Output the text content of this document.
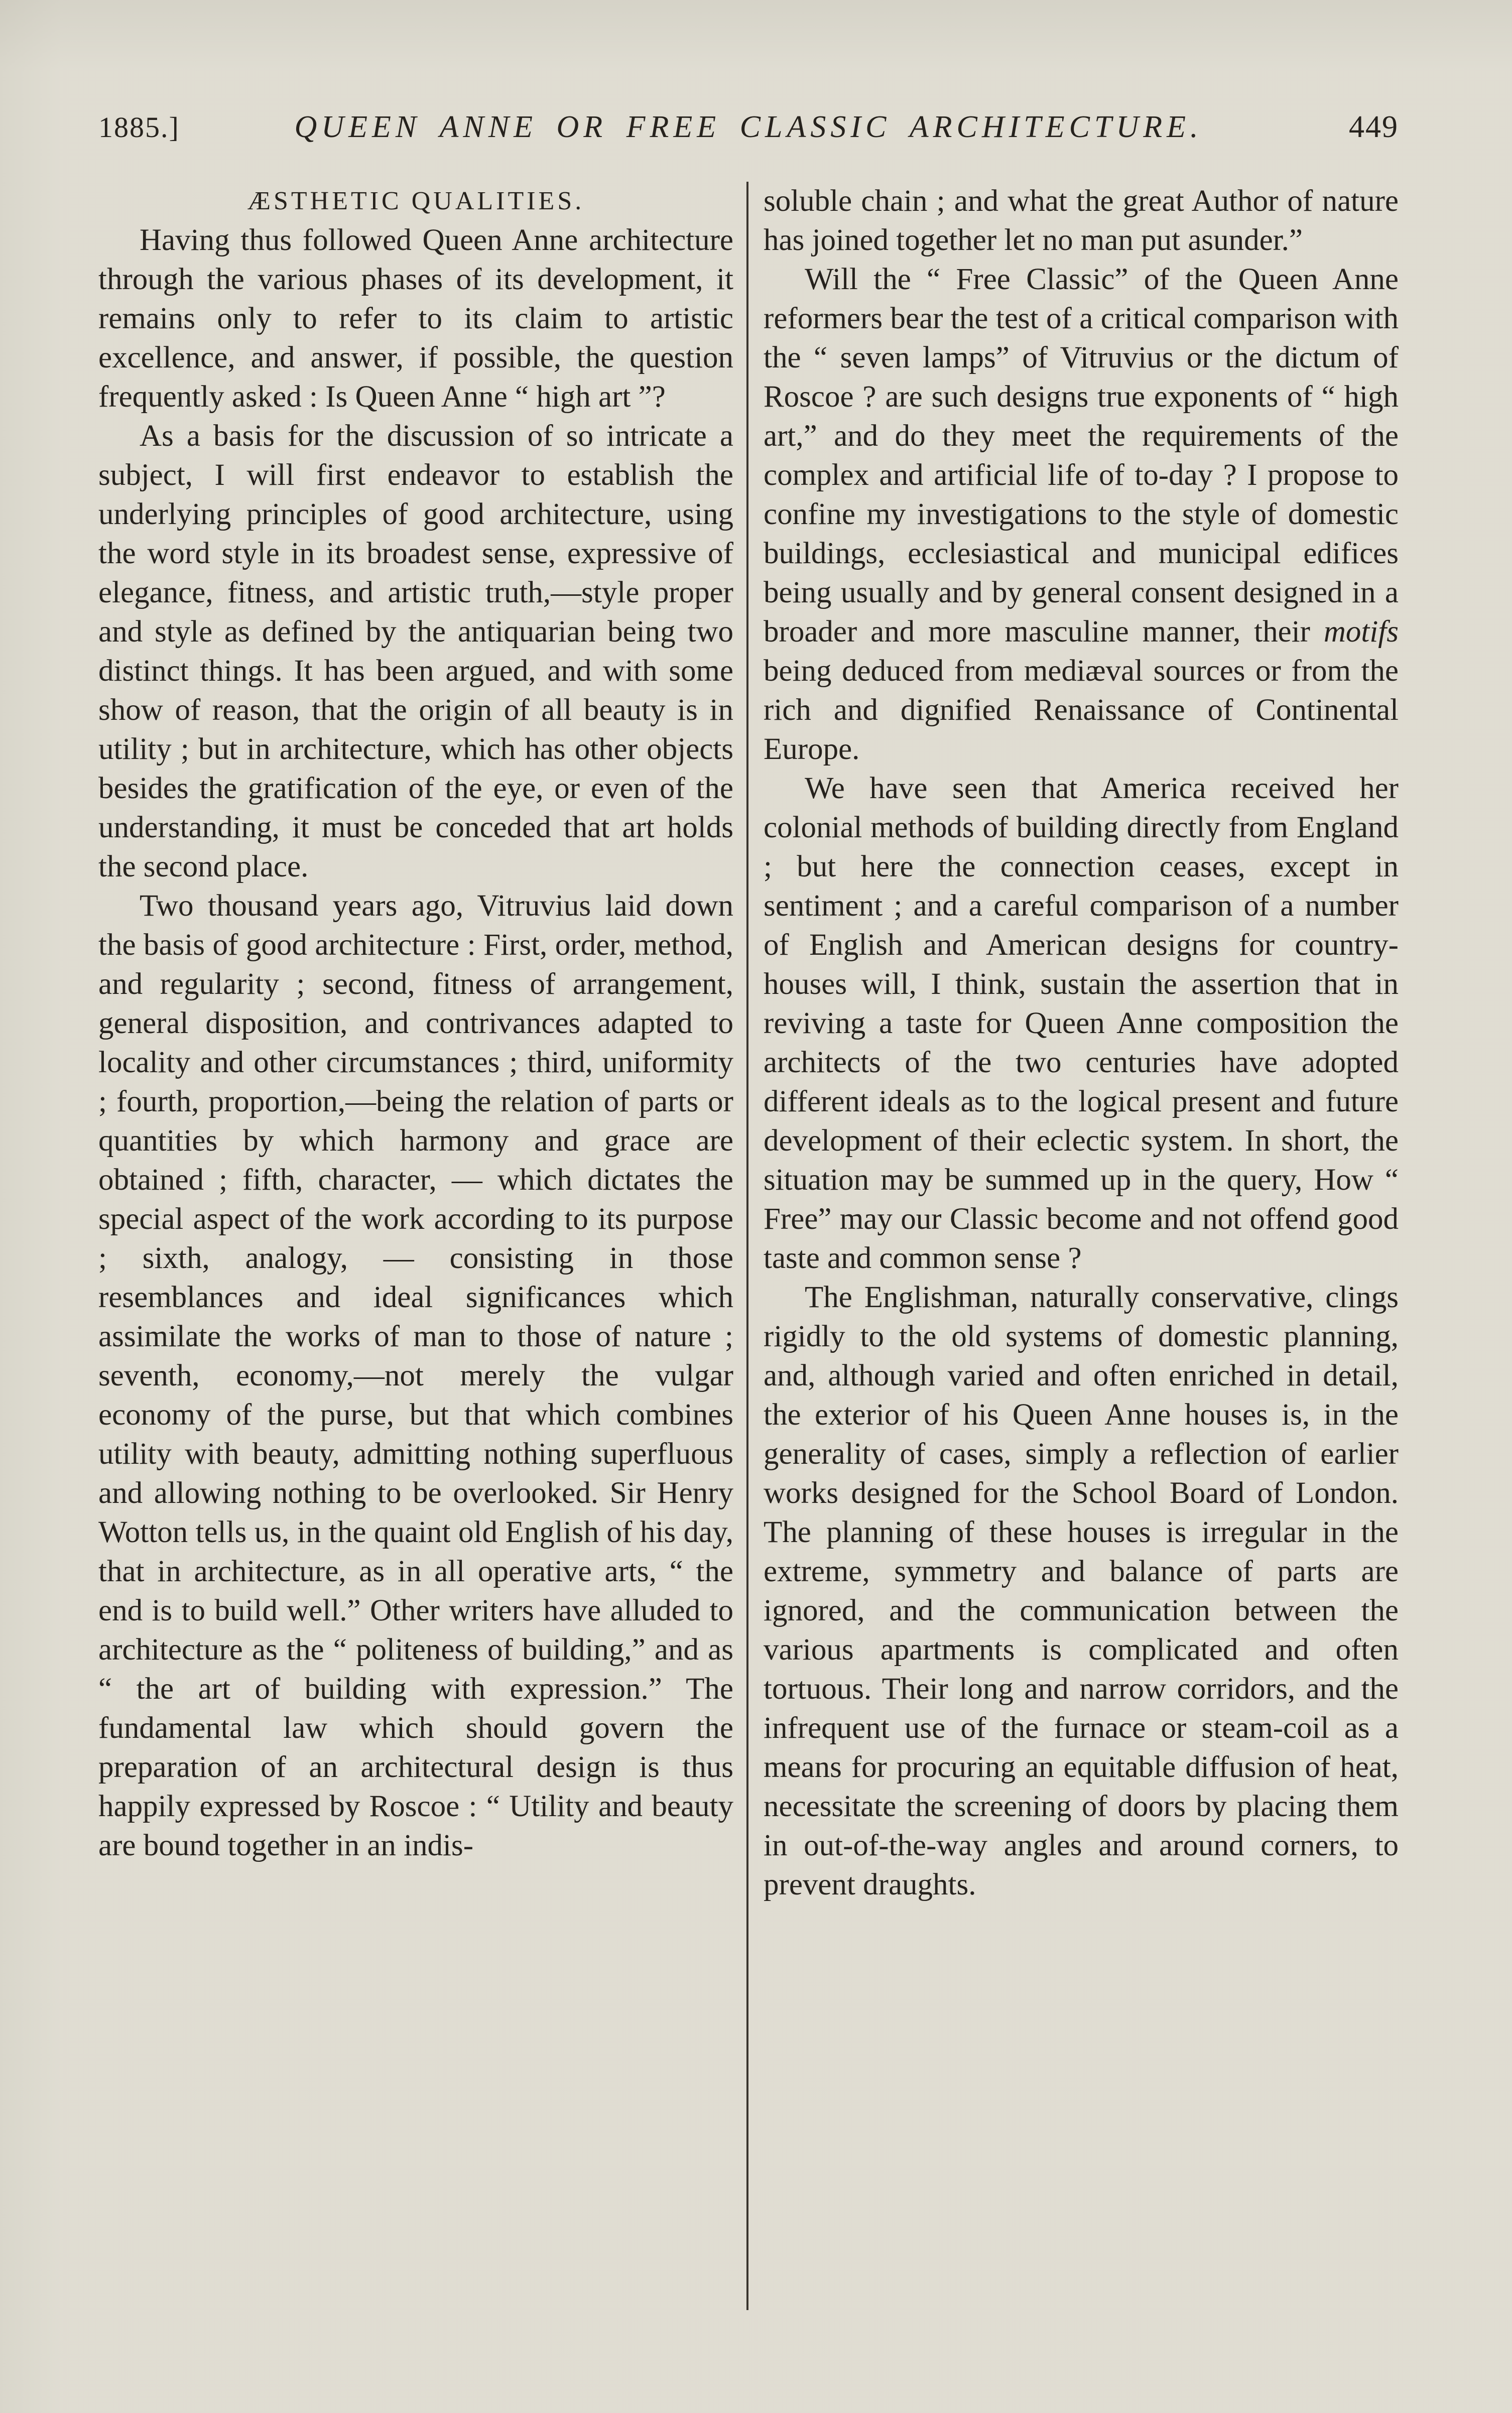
1885.]	QUEEN ANNE OR FREE CLASSIC ARCHITECTURE.	449
ÆSTHETIC QUALITIES.

Having thus followed Queen Anne architecture through the various phases of its development, it remains only to refer to its claim to artistic excellence, and answer, if possible, the question frequently asked : Is Queen Anne “ high art ”?

As a basis for the discussion of so intricate a subject, I will first endeavor to establish the underlying principles of good architecture, using the word style in its broadest sense, expressive of elegance, fitness, and artistic truth,—style proper and style as defined by the antiquarian being two distinct things. It has been argued, and with some show of reason, that the origin of all beauty is in utility ; but in architecture, which has other objects besides the gratification of the eye, or even of the understanding, it must be conceded that art holds the second place.

Two thousand years ago, Vitruvius laid down the basis of good architecture : First, order, method, and regularity ; second, fitness of arrangement, general disposition, and contrivances adapted to locality and other circumstances ; third, uniformity ; fourth, proportion,—being the relation of parts or quantities by which harmony and grace are obtained ; fifth, character, — which dictates the special aspect of the work according to its purpose ; sixth, analogy, — consisting in those resemblances and ideal significances which assimilate the works of man to those of nature ; seventh, economy,—not merely the vulgar economy of the purse, but that which combines utility with beauty, admitting nothing superfluous and allowing nothing to be overlooked. Sir Henry Wotton tells us, in the quaint old English of his day, that in architecture, as in all operative arts, “ the end is to build well.” Other writers have alluded to architecture as the “ politeness of building,” and as “ the art of building with expression.” The fundamental law which should govern the preparation of an architectural design is thus happily expressed by Roscoe : “ Utility and beauty are bound together in an indis-

soluble chain ; and what the great Author of nature has joined together let no man put asunder.”

Will the “ Free Classic” of the Queen Anne reformers bear the test of a critical comparison with the “ seven lamps” of Vitruvius or the dictum of Roscoe ? are such designs true exponents of “ high art,” and do they meet the requirements of the complex and artificial life of to-day ? I propose to confine my investigations to the style of domestic buildings, ecclesiastical and municipal edifices being usually and by general consent designed in a broader and more masculine manner, their motifs being deduced from mediæval sources or from the rich and dignified Renaissance of Continental Europe.

We have seen that America received her colonial methods of building directly from England ; but here the connection ceases, except in sentiment ; and a careful comparison of a number of English and American designs for country-houses will, I think, sustain the assertion that in reviving a taste for Queen Anne composition the architects of the two centuries have adopted different ideals as to the logical present and future development of their eclectic system. In short, the situation may be summed up in the query, How “ Free” may our Classic become and not offend good taste and common sense ?

The Englishman, naturally conservative, clings rigidly to the old systems of domestic planning, and, although varied and often enriched in detail, the exterior of his Queen Anne houses is, in the generality of cases, simply a reflection of earlier works designed for the School Board of London. The planning of these houses is irregular in the extreme, symmetry and balance of parts are ignored, and the communication between the various apartments is complicated and often tortuous. Their long and narrow corridors, and the infrequent use of the furnace or steam-coil as a means for procuring an equitable diffusion of heat, necessitate the screening of doors by placing them in out-of-the-way angles and around corners, to prevent draughts.
